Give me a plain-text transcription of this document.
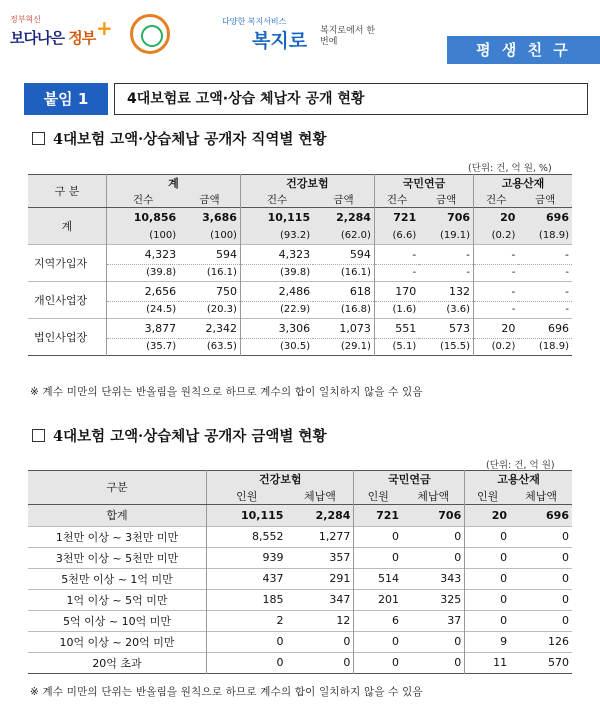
정부혁신
보다나은 정부 +	다양한 복지서비스
복지로 복지로에서 한번에	평 생 친 구
붙임 1	4대보험료 고액·상습 체납자 공개 현황
4대보험 고액·상습체납 공개자 직역별 현황
(단위: 건, 억 원, %)
구 분	계		건강보험		국민연금		고용산재	
	건수	금액	건수	금액	건수	금액	건수	금액
계	10,856	3,686	10,115	2,284	721	706	20	696
	(100)	(100)	(93.2)	(62.0)	(6.6)	(19.1)	(0.2)	(18.9)
지역가입자	4,323	594	4,323	594	-	-	-	-
	(39.8)	(16.1)	(39.8)	(16.1)	-	-	-	-
개인사업장	2,656	750	2,486	618	170	132	-	-
	(24.5)	(20.3)	(22.9)	(16.8)	(1.6)	(3.6)	-	-
법인사업장	3,877	2,342	3,306	1,073	551	573	20	696
	(35.7)	(63.5)	(30.5)	(29.1)	(5.1)	(15.5)	(0.2)	(18.9)
※ 계수 미만의 단위는 반올림을 원칙으로 하므로 계수의 합이 일치하지 않을 수 있음
4대보험 고액·상습체납 공개자 금액별 현황
(단위: 건, 억 원)
구분	건강보험		국민연금		고용산재	
	인원	체납액	인원	체납액	인원	체납액
합계	10,115	2,284	721	706	20	696
1천만 이상 ~ 3천만 미만	8,552	1,277	0	0	0	0
3천만 이상 ~ 5천만 미만	939	357	0	0	0	0
5천만 이상 ~ 1억 미만	437	291	514	343	0	0
1억 이상 ~ 5억 미만	185	347	201	325	0	0
5억 이상 ~ 10억 미만	2	12	6	37	0	0
10억 이상 ~ 20억 미만	0	0	0	0	9	126
20억 초과	0	0	0	0	11	570
※ 계수 미만의 단위는 반올림을 원칙으로 하므로 계수의 합이 일치하지 않을 수 있음
